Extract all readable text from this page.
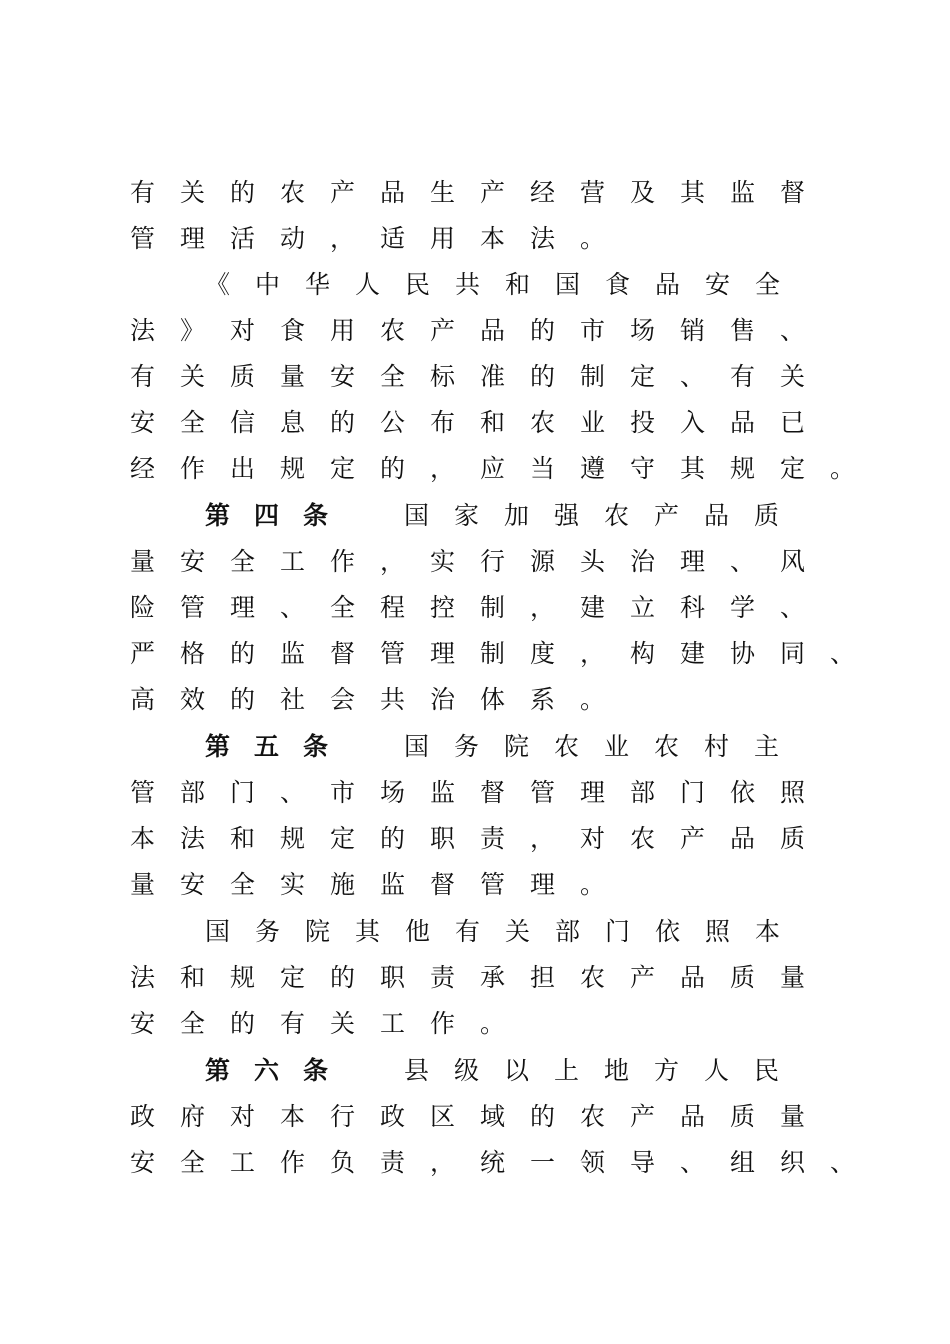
有关的农产品生产经营及其监督
管理活动，适用本法。
《中华人民共和国食品安全
法》对食用农产品的市场销售、
有关质量安全标准的制定、有关
安全信息的公布和农业投入品已
经作出规定的，应当遵守其规定。
第四条 国家加强农产品质
量安全工作，实行源头治理、风
险管理、全程控制，建立科学、
严格的监督管理制度，构建协同、
高效的社会共治体系。
第五条 国务院农业农村主
管部门、市场监督管理部门依照
本法和规定的职责，对农产品质
量安全实施监督管理。
国务院其他有关部门依照本
法和规定的职责承担农产品质量
安全的有关工作。
第六条 县级以上地方人民
政府对本行政区域的农产品质量
安全工作负责，统一领导、组织、
